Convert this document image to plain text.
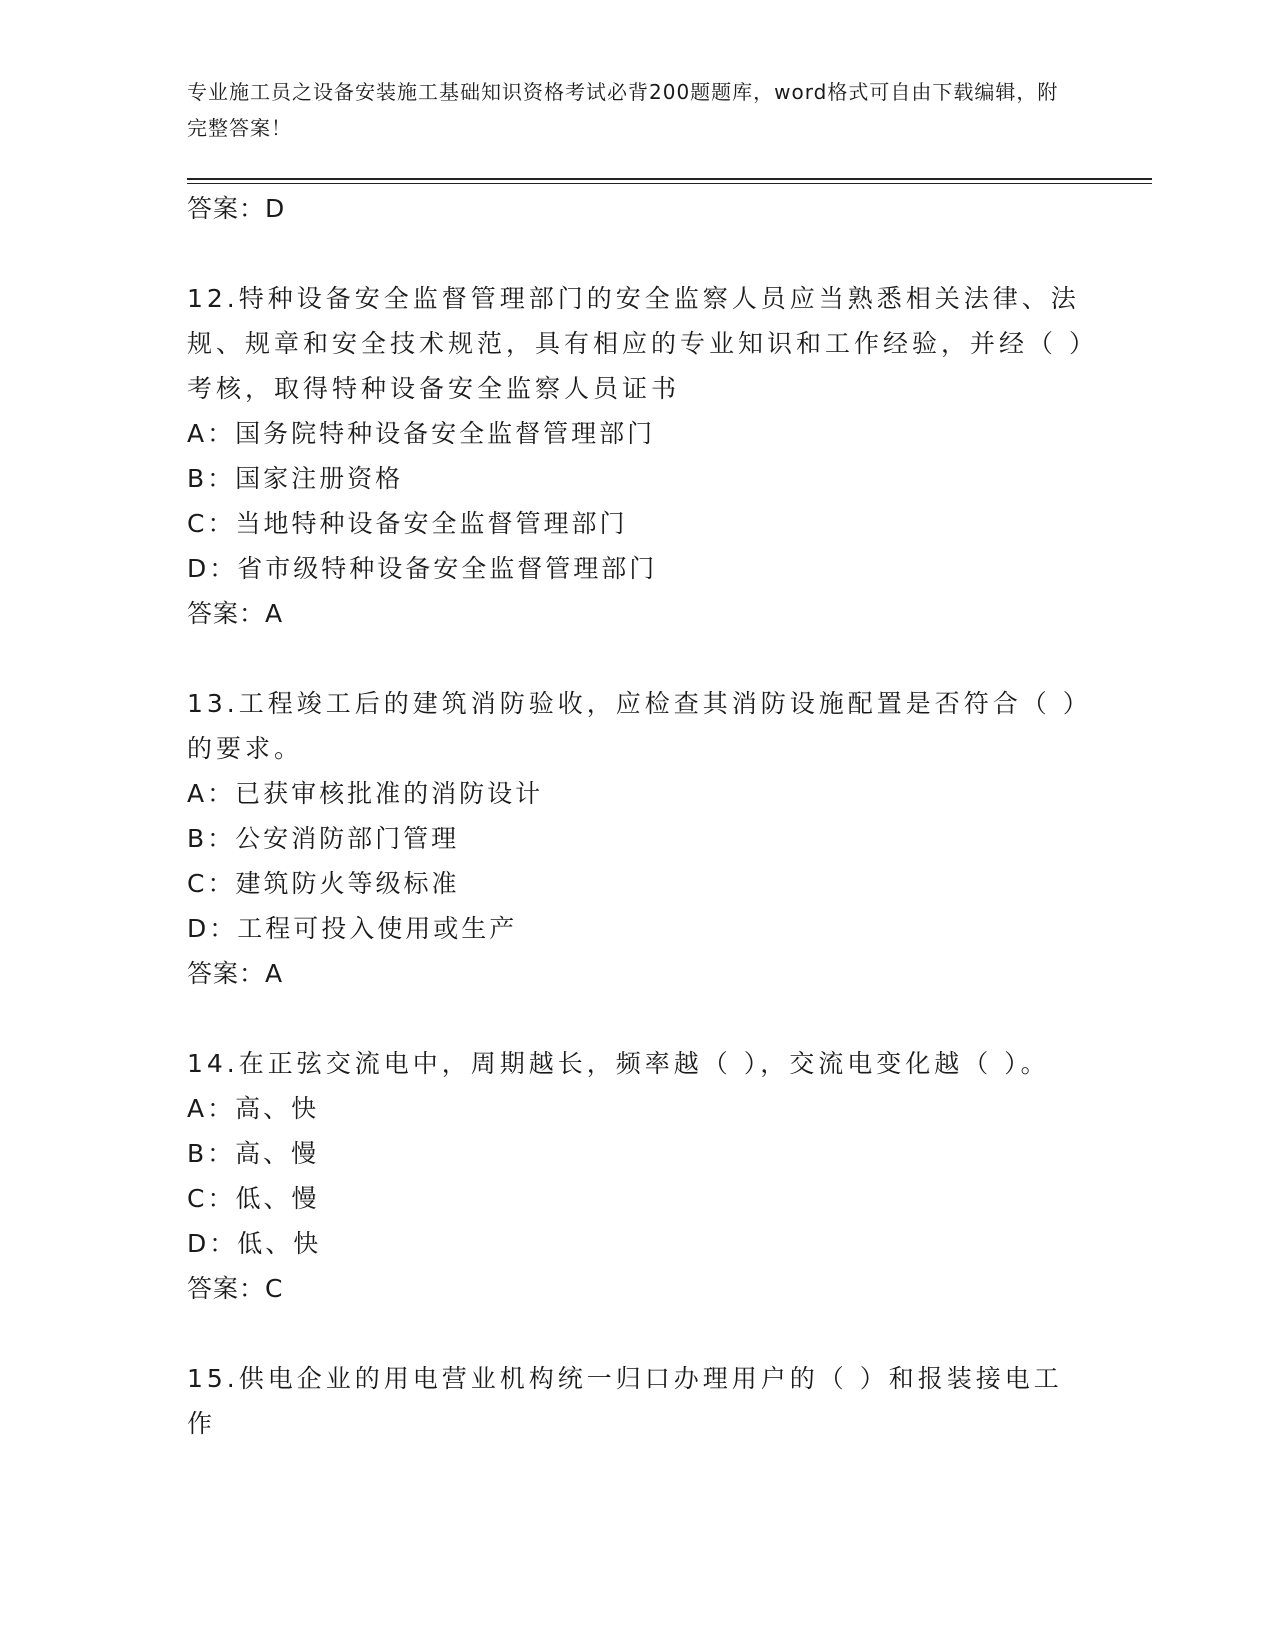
专业施工员之设备安装施工基础知识资格考试必背200题题库，word格式可自由下载编辑，附完整答案！
答案：D
12.特种设备安全监督管理部门的安全监察人员应当熟悉相关法律、法规、规章和安全技术规范，具有相应的专业知识和工作经验，并经（ ）考核，取得特种设备安全监察人员证书
A：国务院特种设备安全监督管理部门
B：国家注册资格
C：当地特种设备安全监督管理部门
D：省市级特种设备安全监督管理部门
答案：A
13.工程竣工后的建筑消防验收，应检查其消防设施配置是否符合（ ）的要求。
A：已获审核批准的消防设计
B：公安消防部门管理
C：建筑防火等级标准
D：工程可投入使用或生产
答案：A
14.在正弦交流电中，周期越长，频率越（ ），交流电变化越（ ）。
A：高、快
B：高、慢
C：低、慢
D：低、快
答案：C
15.供电企业的用电营业机构统一归口办理用户的（ ）和报装接电工作
